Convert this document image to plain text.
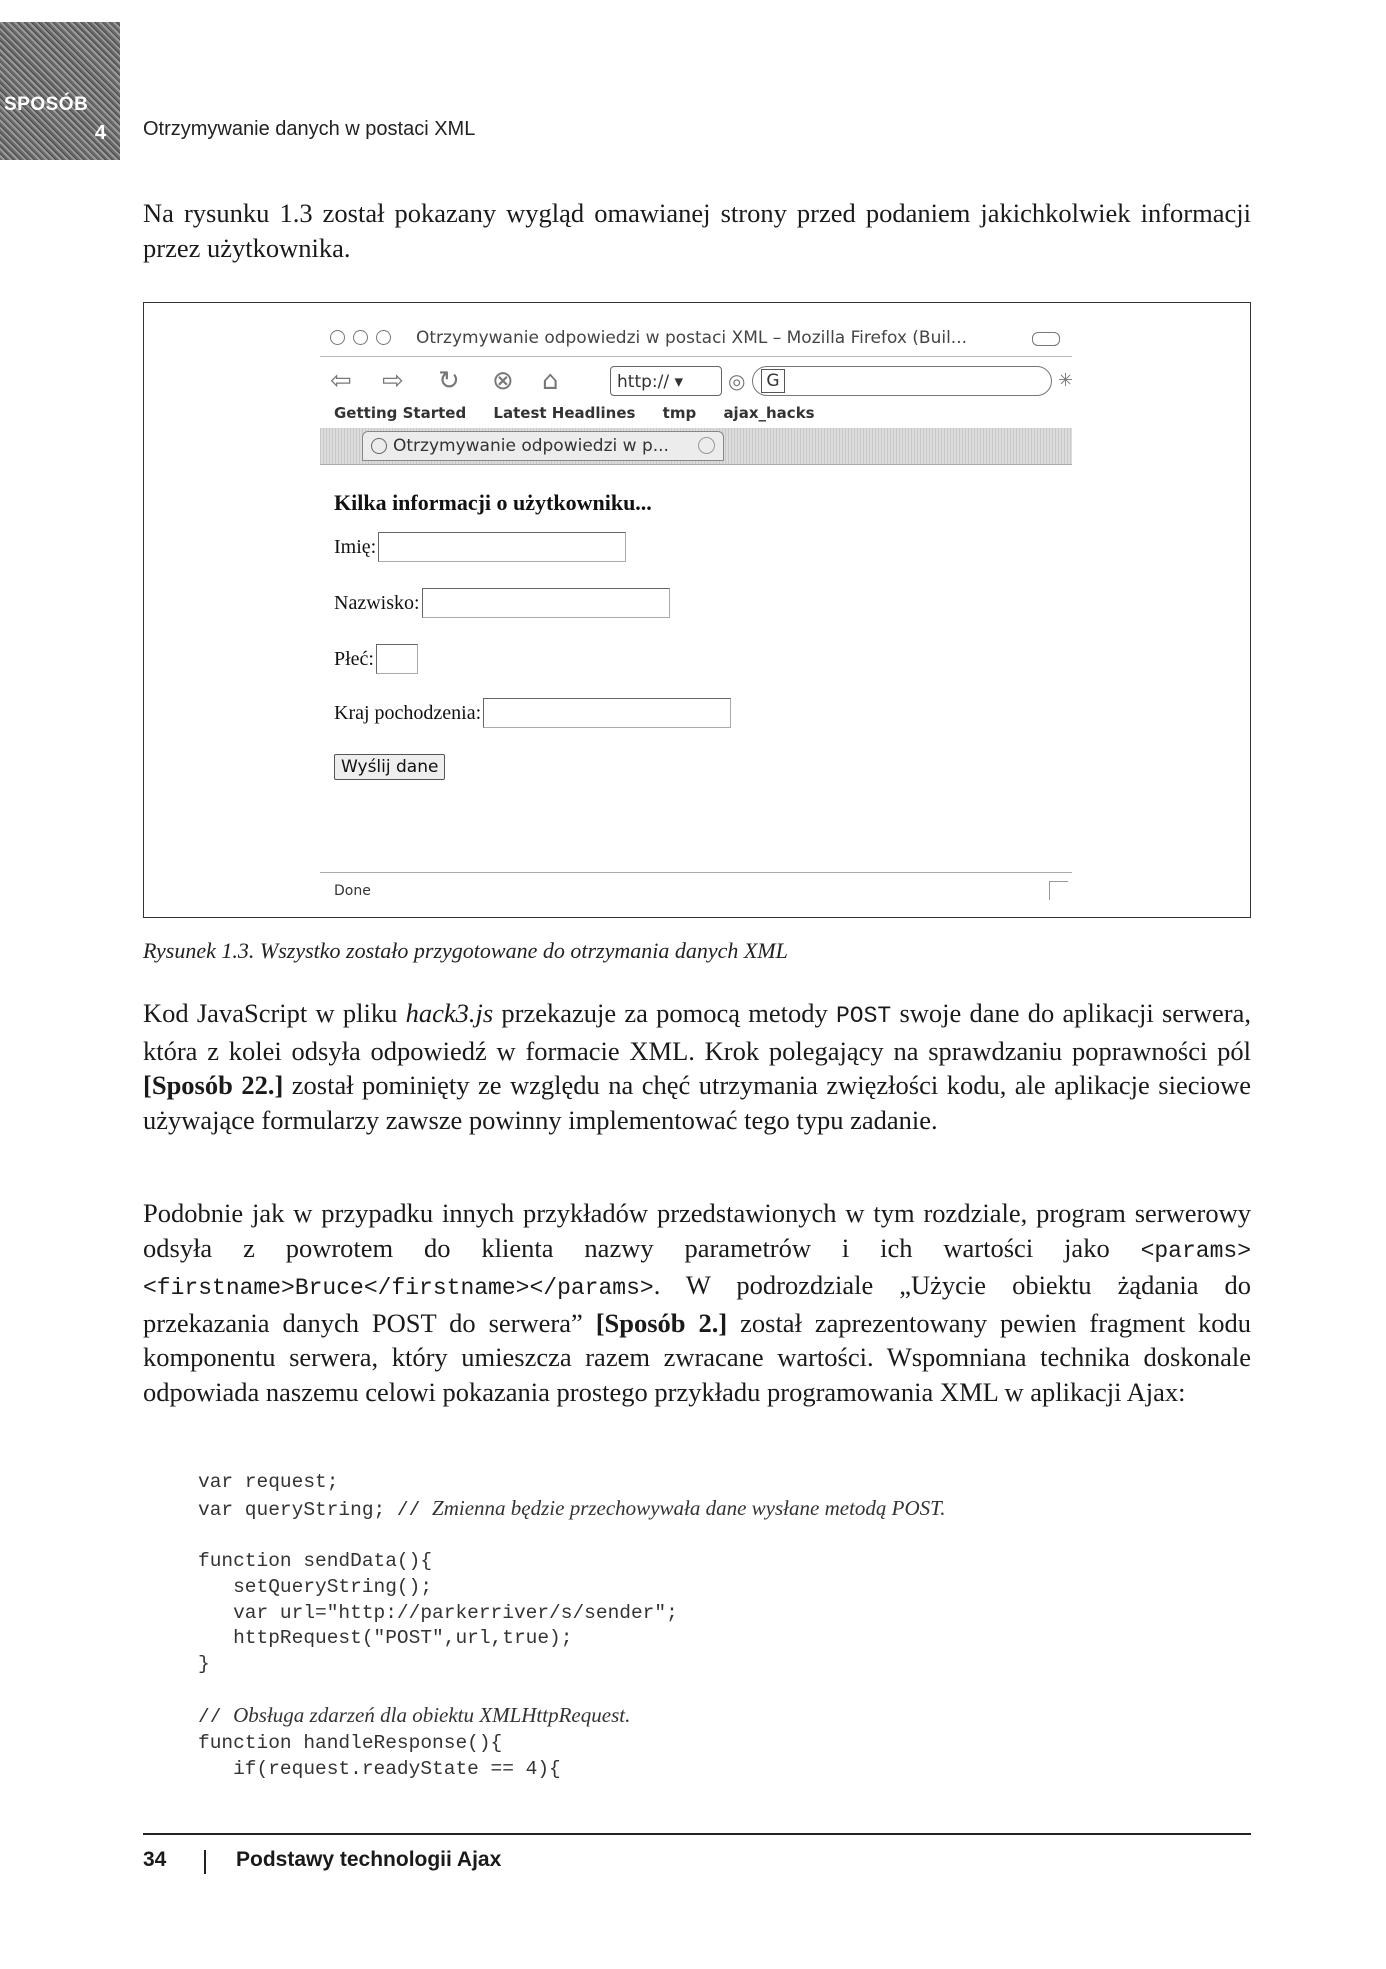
SPOSÓB
4 Otrzymywanie danych w postaci XML
Na rysunku 1.3 został pokazany wygląd omawianej strony przed podaniem jakichkolwiek informacji przez użytkownika.
Otrzymywanie odpowiedzi w postaci XML – Mozilla Firefox (Buil...
⇦ ⇨ ↻ ⊗ ⌂	http:// ▾	◎	G	✳
Getting Started Latest Headlines tmp ajax_hacks
Otrzymywanie odpowiedzi w p...
Kilka informacji o użytkowniku...
Imię:
Nazwisko:
Płeć:
Kraj pochodzenia:
Wyślij dane
Done
Rysunek 1.3. Wszystko zostało przygotowane do otrzymania danych XML
Kod JavaScript w pliku hack3.js przekazuje za pomocą metody POST swoje dane do aplikacji serwera, która z kolei odsyła odpowiedź w formacie XML. Krok polegający na sprawdzaniu poprawności pól [Sposób 22.] został pominięty ze względu na chęć utrzymania zwięzłości kodu, ale aplikacje sieciowe używające formularzy zawsze powinny implementować tego typu zadanie.
Podobnie jak w przypadku innych przykładów przedstawionych w tym rozdziale, program serwerowy odsyła z powrotem do klienta nazwy parametrów i ich wartości jako <params><firstname>Bruce</firstname></params>. W podrozdziale „Użycie obiektu żądania do przekazania danych POST do serwera” [Sposób 2.] został zaprezentowany pewien fragment kodu komponentu serwera, który umieszcza razem zwracane wartości. Wspomniana technika doskonale odpowiada naszemu celowi pokazania prostego przykładu programowania XML w aplikacji Ajax:
var request;
var queryString; // Zmienna będzie przechowywała dane wysłane metodą POST.

function sendData(){
setQueryString();
var url="http://parkerriver/s/sender";
httpRequest("POST",url,true);
}

// Obsługa zdarzeń dla obiektu XMLHttpRequest.
function handleResponse(){
if(request.readyState == 4){
34	Podstawy technologii Ajax
